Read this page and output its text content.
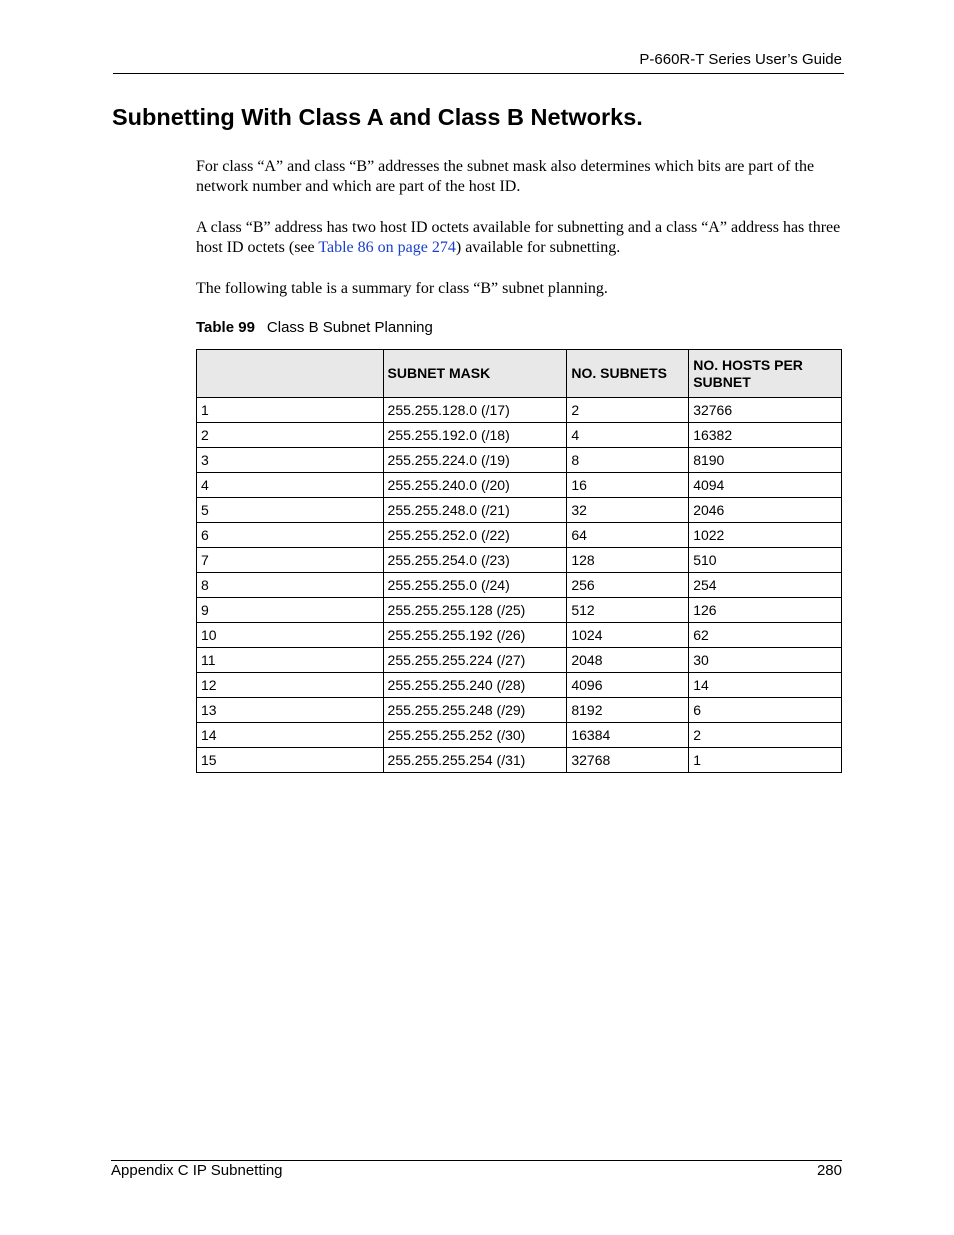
P-660R-T Series User’s Guide
Subnetting With Class A and Class B Networks.

For class “A” and class “B” addresses the subnet mask also determines which bits are part of the network number and which are part of the host ID.

A class “B” address has two host ID octets available for subnetting and a class “A” address has three host ID octets (see Table 86 on page 274) available for subnetting.

The following table is a summary for class “B” subnet planning.

Table 99 Class B Subnet Planning
	SUBNET MASK	NO. SUBNETS	NO. HOSTS PER SUBNET
1	255.255.128.0 (/17)	2	32766
2	255.255.192.0 (/18)	4	16382
3	255.255.224.0 (/19)	8	8190
4	255.255.240.0 (/20)	16	4094
5	255.255.248.0 (/21)	32	2046
6	255.255.252.0 (/22)	64	1022
7	255.255.254.0 (/23)	128	510
8	255.255.255.0 (/24)	256	254
9	255.255.255.128 (/25)	512	126
10	255.255.255.192 (/26)	1024	62
11	255.255.255.224 (/27)	2048	30
12	255.255.255.240 (/28)	4096	14
13	255.255.255.248 (/29)	8192	6
14	255.255.255.252 (/30)	16384	2
15	255.255.255.254 (/31)	32768	1
Appendix C IP Subnetting	280
